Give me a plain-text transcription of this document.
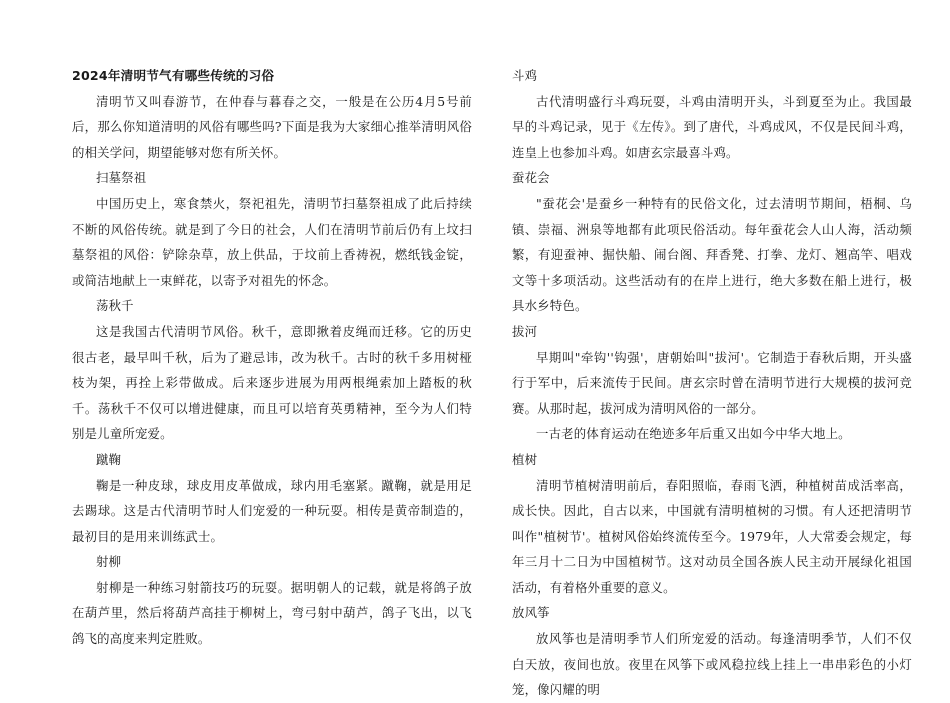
2024年清明节气有哪些传统的习俗

清明节又叫春游节，在仲春与暮春之交，一般是在公历4月5号前后，那么你知道清明的风俗有哪些吗?下面是我为大家细心推举清明风俗的相关学问，期望能够对您有所关怀。

扫墓祭祖

中国历史上，寒食禁火，祭祀祖先，清明节扫墓祭祖成了此后持续不断的风俗传统。就是到了今日的社会，人们在清明节前后仍有上坟扫墓祭祖的风俗：铲除杂草，放上供品，于坟前上香祷祝，燃纸钱金锭，或简洁地献上一束鲜花，以寄予对祖先的怀念。

荡秋千

这是我国古代清明节风俗。秋千，意即揪着皮绳而迁移。它的历史很古老，最早叫千秋，后为了避忌讳，改为秋千。古时的秋千多用树桠枝为架，再拴上彩带做成。后来逐步进展为用两根绳索加上踏板的秋千。荡秋千不仅可以增进健康，而且可以培育英勇精神，至今为人们特别是儿童所宠爱。

蹴鞠

鞠是一种皮球，球皮用皮革做成，球内用毛塞紧。蹴鞠，就是用足去踢球。这是古代清明节时人们宠爱的一种玩耍。相传是黄帝制造的，最初目的是用来训练武士。

射柳

射柳是一种练习射箭技巧的玩耍。据明朝人的记载，就是将鸽子放在葫芦里，然后将葫芦高挂于柳树上，弯弓射中葫芦，鸽子飞出，以飞鸽飞的高度来判定胜败。

斗鸡

古代清明盛行斗鸡玩耍，斗鸡由清明开头，斗到夏至为止。我国最早的斗鸡记录，见于《左传》。到了唐代，斗鸡成风，不仅是民间斗鸡，连皇上也参加斗鸡。如唐玄宗最喜斗鸡。

蚕花会

"蚕花会'是蚕乡一种特有的民俗文化，过去清明节期间，梧桐、乌镇、崇福、洲泉等地都有此项民俗活动。每年蚕花会人山人海，活动频繁，有迎蚕神、掘快船、闹台阁、拜香凳、打拳、龙灯、翘高竿、唱戏文等十多项活动。这些活动有的在岸上进行，绝大多数在船上进行，极具水乡特色。

拔河

早期叫"牵钩''钩强'，唐朝始叫"拔河'。它制造于春秋后期，开头盛行于军中，后来流传于民间。唐玄宗时曾在清明节进行大规模的拔河竞赛。从那时起，拔河成为清明风俗的一部分。

一古老的体育运动在绝迹多年后重又出如今中华大地上。

植树

清明节植树清明前后，春阳照临，春雨飞洒，种植树苗成活率高，成长快。因此，自古以来，中国就有清明植树的习惯。有人还把清明节叫作"植树节'。植树风俗始终流传至今。1979年，人大常委会规定，每年三月十二日为中国植树节。这对动员全国各族人民主动开展绿化祖国活动，有着格外重要的意义。

放风筝

放风筝也是清明季节人们所宠爱的活动。每逢清明季节，人们不仅白天放，夜间也放。夜里在风筝下或风稳拉线上挂上一串串彩色的小灯笼，像闪耀的明
